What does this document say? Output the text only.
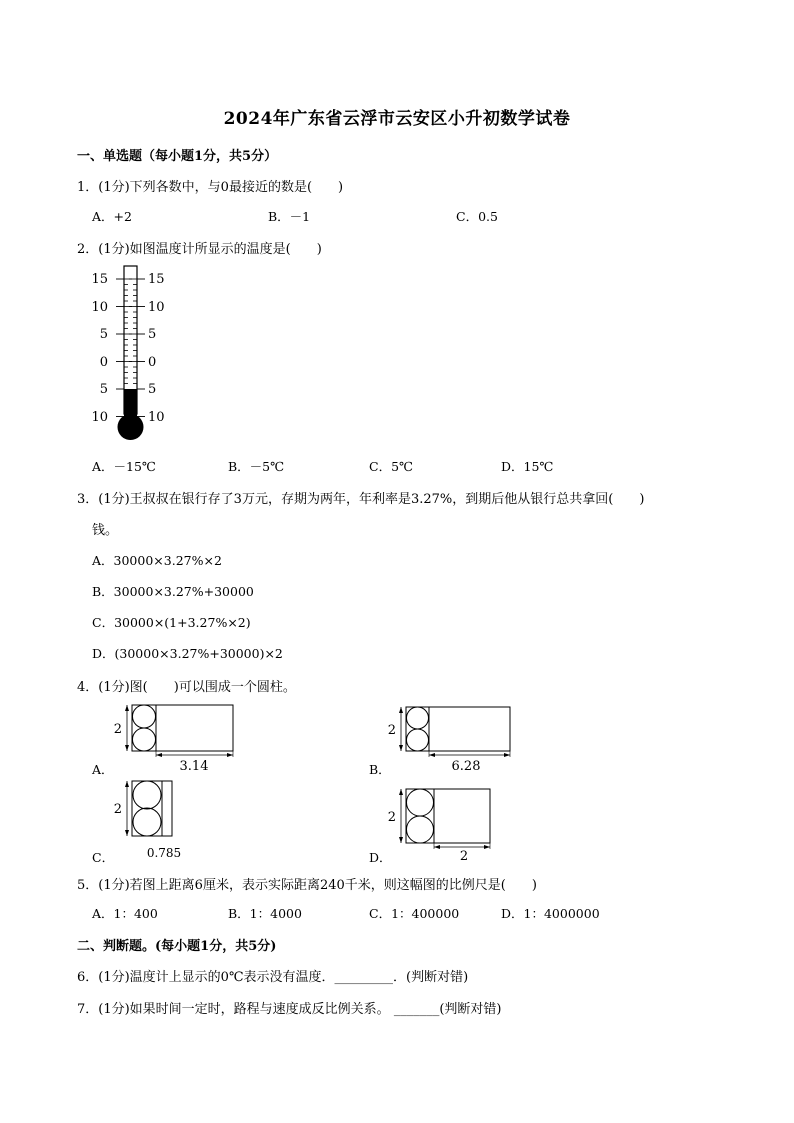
2024年广东省云浮市云安区小升初数学试卷
一、单选题（每小题1分，共5分）
1．(1分)下列各数中，与0最接近的数是(　　)
A．+2	B．－1	C．0.5
2．(1分)如图温度计所显示的温度是(　　)
15
10
5
0
5
10
15
10
5
0
5
10
A．－15℃	B．－5℃	C．5℃	D．15℃
3．(1分)王叔叔在银行存了3万元，存期为两年，年利率是3.27%，到期后他从银行总共拿回(　　)
钱。
A．30000×3.27%×2
B．30000×3.27%+30000
C．30000×(1+3.27%×2)
D．(30000×3.27%+30000)×2
4．(1分)图(　　)可以围成一个圆柱。
A．
2
3.14	B．
2
6.28
C．
2
0.785	D．
2
2
5．(1分)若图上距离6厘米，表示实际距离240千米，则这幅图的比例尺是(　　)
A．1：400	B．1：4000	C．1：400000	D．1：4000000
二、判断题。(每小题1分，共5分)
6．(1分)温度计上显示的0℃表示没有温度．_________．(判断对错)
7．(1分)如果时间一定时，路程与速度成反比例关系。 _______(判断对错)
